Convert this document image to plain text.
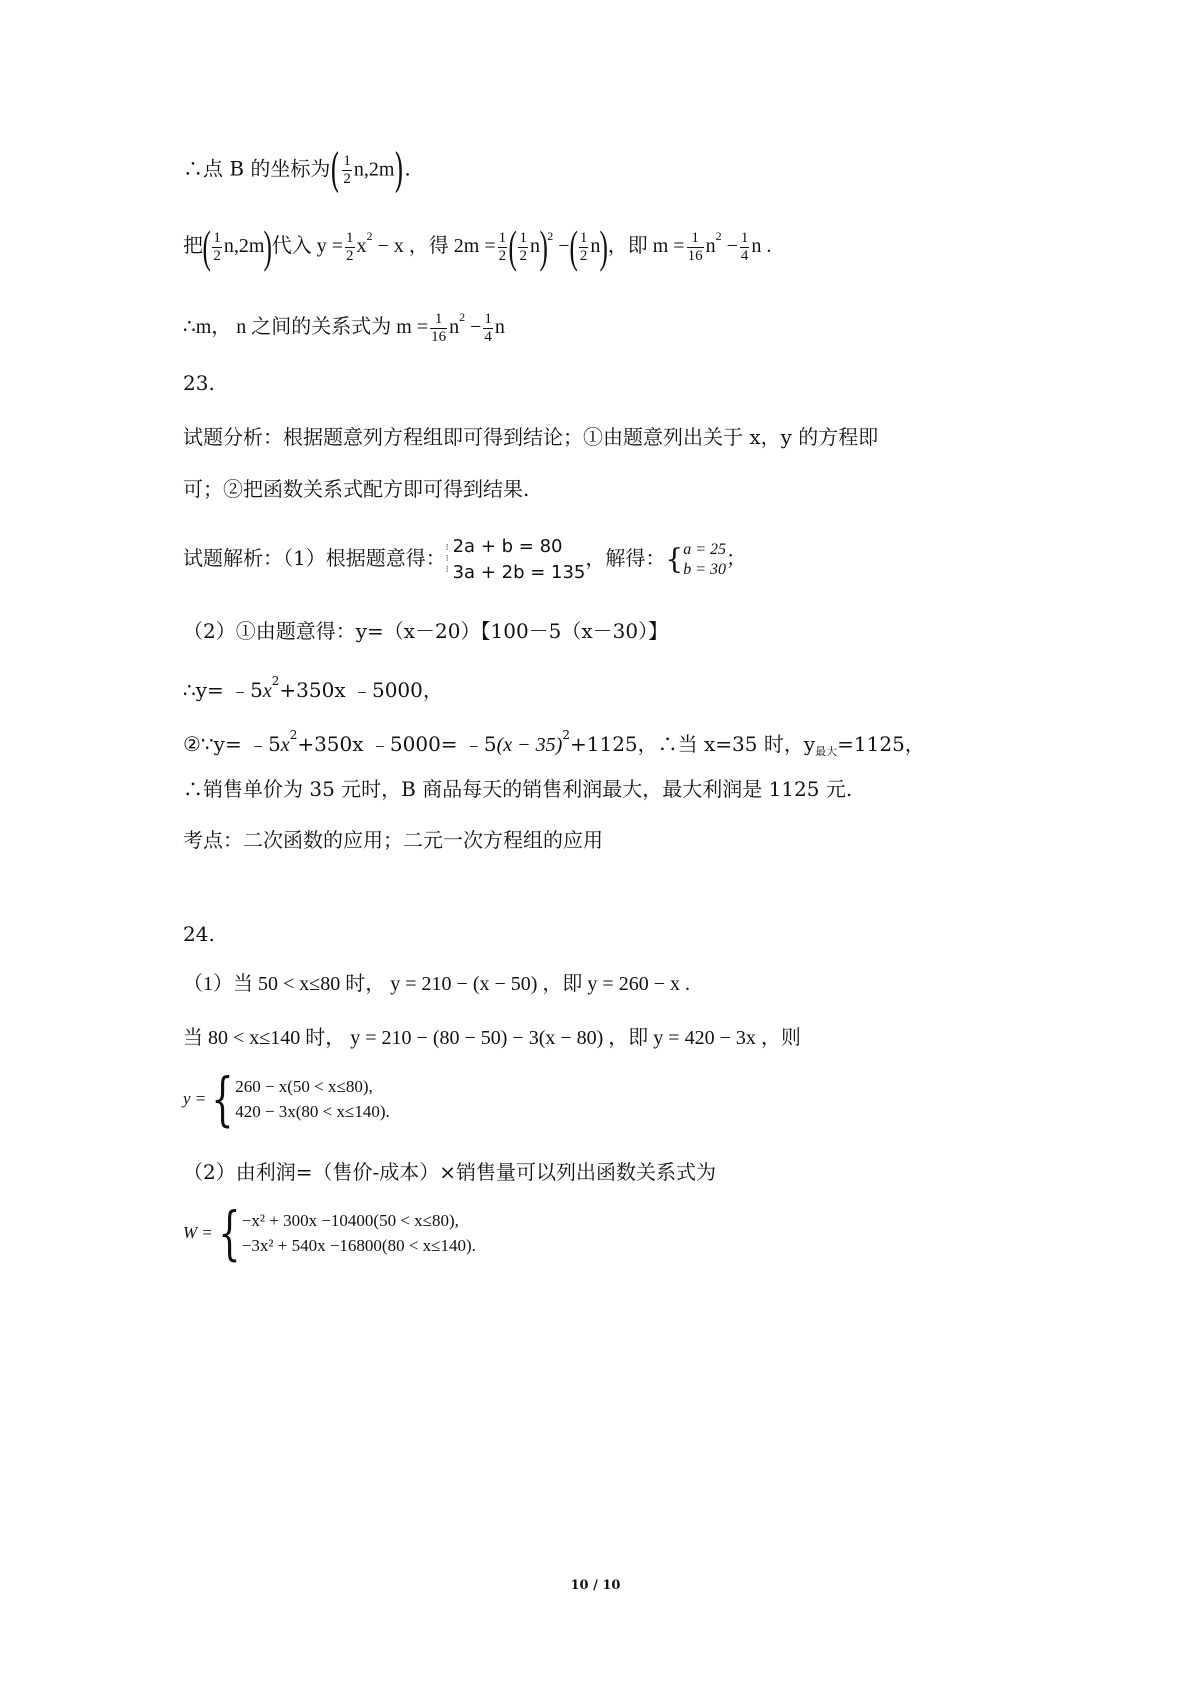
∴点 B 的坐标为( $\frac{1}{2} n,2m$).
把( $\frac{1}{2} n,2m$)代入 $y = \frac{1}{2} x^2 - x$ ，得 $2m = \frac{1}{2}$ ( $\frac{1}{2} n)^2$ −( $\frac{1}{2} n$)，即 $m = \frac{1}{16} n^2 - \frac{1}{4}$ n .
∴m， n 之间的关系式为 $m = \frac{1}{16} n^2 - \frac{1}{4}$ n
23.
试题分析：根据题意列方程组即可得到结论；①由题意列出关于 x，y 的方程即
可；②把函数关系式配方即可得到结果.
试题解析：（1）根据题意得： ⁝
⁝
⁝
2a + b = 80
3a + 2b = 135
，解得：{ a = 25
b = 30 ；
（2）①由题意得：y=（x－20）【100－5（x－30）】
∴y= $﹣5x^2+350x$ ﹣5000，
②∵y= $﹣5x^2+350x$ ﹣5000= ﹣5(x − 35)$^2$+1125，∴当 x=35 时，$y_{最大}=1125$，
∴销售单价为 35 元时，B 商品每天的销售利润最大，最大利润是 1125 元.
考点：二次函数的应用；二元一次方程组的应用
24.
（1）当 50 < x≤80 时， y = 210 − (x − 50) ，即 y = 260 − x .
当 80 < x≤140 时， y = 210 − (80 − 50) − 3(x − 80) ，即 y = 420 − 3x ，则
y ={ 260 − x(50 < x≤80),
420 − 3x(80 < x≤140).
（2）由利润=（售价-成本）×销售量可以列出函数关系式为
W ={ −x² + 300x −10400(50 < x≤80),
−3x² + 540x −16800(80 < x≤140).
10 / 10
